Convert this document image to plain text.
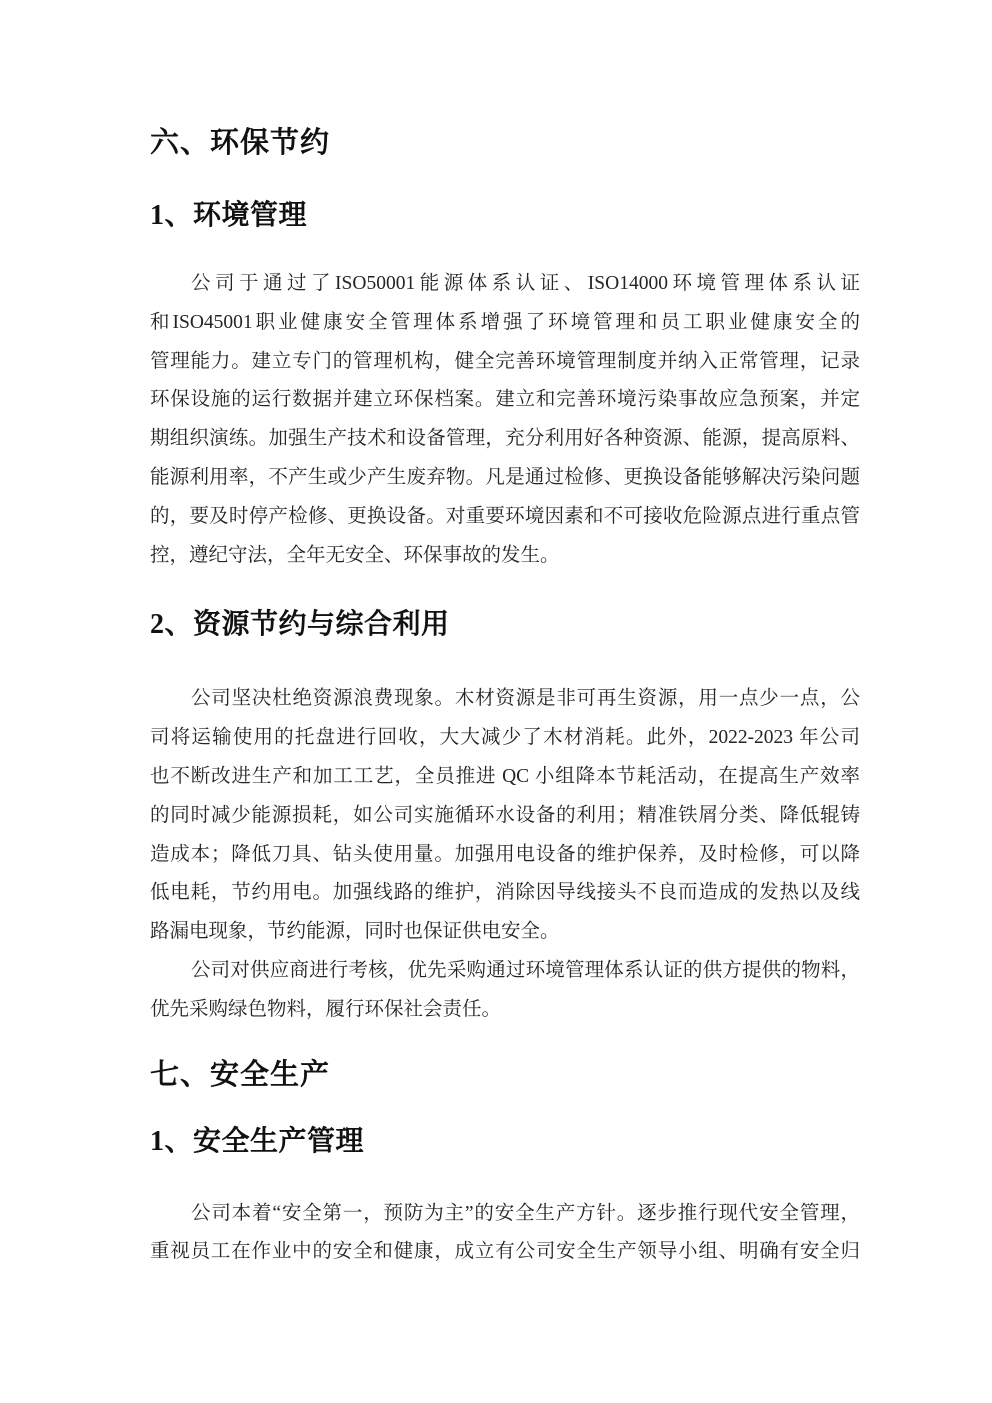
六、环保节约
1、环境管理
公司于通过了ISO50001能源体系认证、ISO14000环境管理体系认证
和ISO45001职业健康安全管理体系增强了环境管理和员工职业健康安全的
管理能力。建立专门的管理机构，健全完善环境管理制度并纳入正常管理，记录
环保设施的运行数据并建立环保档案。建立和完善环境污染事故应急预案，并定
期组织演练。加强生产技术和设备管理，充分利用好各种资源、能源，提高原料、
能源利用率，不产生或少产生废弃物。凡是通过检修、更换设备能够解决污染问题
的，要及时停产检修、更换设备。对重要环境因素和不可接收危险源点进行重点管
控，遵纪守法，全年无安全、环保事故的发生。
2、资源节约与综合利用
公司坚决杜绝资源浪费现象。木材资源是非可再生资源，用一点少一点，公
司将运输使用的托盘进行回收，大大减少了木材消耗。此外，2022-2023 年公司
也不断改进生产和加工工艺，全员推进 QC 小组降本节耗活动，在提高生产效率
的同时减少能源损耗，如公司实施循环水设备的利用；精准铁屑分类、降低辊铸
造成本；降低刀具、钻头使用量。加强用电设备的维护保养，及时检修，可以降
低电耗，节约用电。加强线路的维护，消除因导线接头不良而造成的发热以及线
路漏电现象，节约能源，同时也保证供电安全。
公司对供应商进行考核，优先采购通过环境管理体系认证的供方提供的物料，
优先采购绿色物料，履行环保社会责任。
七、安全生产
1、安全生产管理
公司本着“安全第一，预防为主”的安全生产方针。逐步推行现代安全管理，
重视员工在作业中的安全和健康，成立有公司安全生产领导小组、明确有安全归
